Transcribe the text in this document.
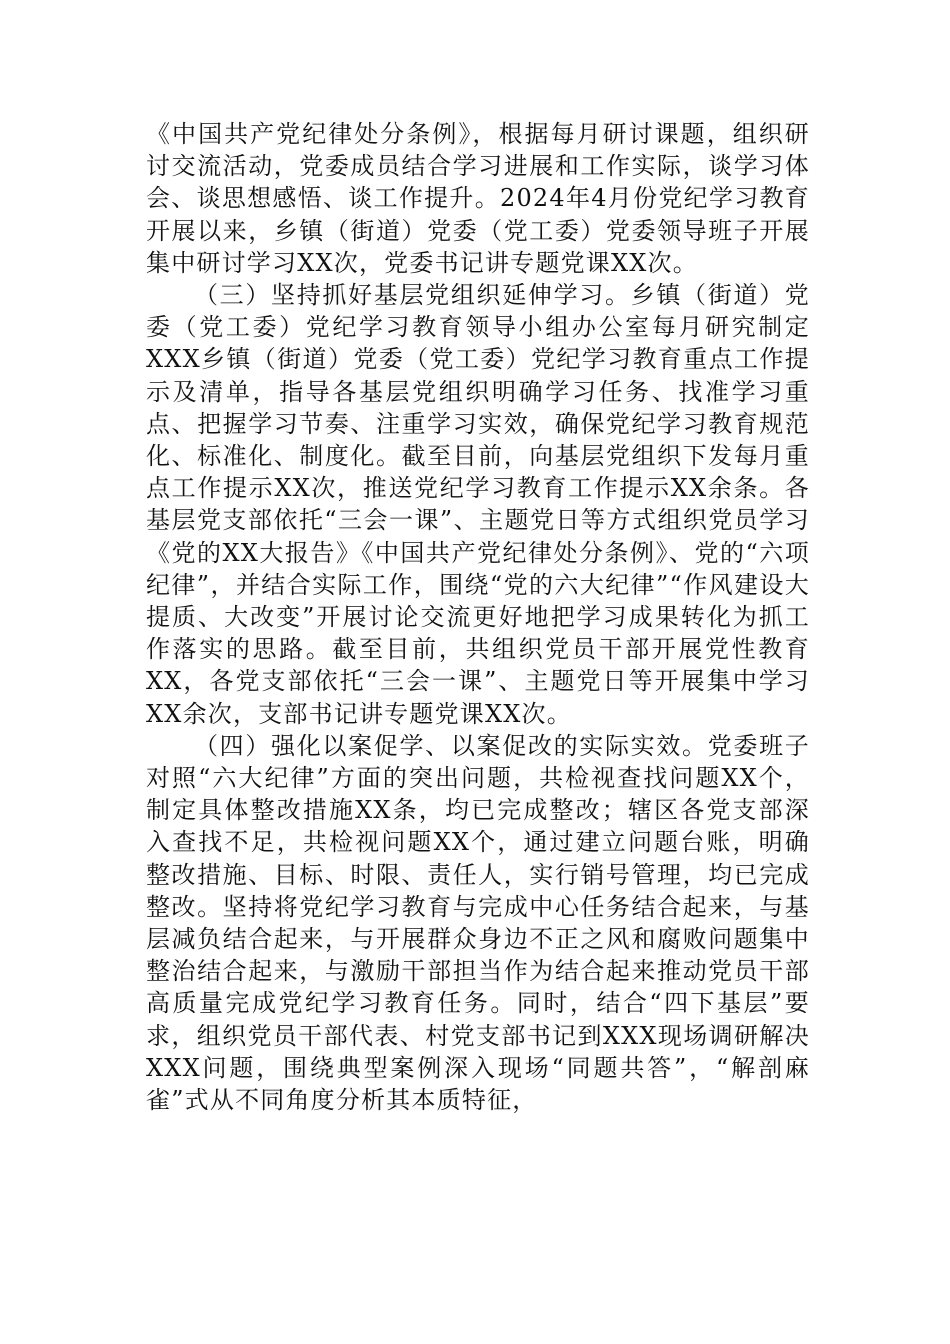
《中国共产党纪律处分条例》，根据每月研讨课题，组织研讨交流活动，党委成员结合学习进展和工作实际，谈学习体会、谈思想感悟、谈工作提升。2024年4月份党纪学习教育开展以来，乡镇（街道）党委（党工委）党委领导班子开展集中研讨学习XX次，党委书记讲专题党课XX次。

（三）坚持抓好基层党组织延伸学习。乡镇（街道）党委（党工委）党纪学习教育领导小组办公室每月研究制定XXX乡镇（街道）党委（党工委）党纪学习教育重点工作提示及清单，指导各基层党组织明确学习任务、找准学习重点、把握学习节奏、注重学习实效，确保党纪学习教育规范化、标准化、制度化。截至目前，向基层党组织下发每月重点工作提示XX次，推送党纪学习教育工作提示XX余条。各基层党支部依托“三会一课”、主题党日等方式组织党员学习《党的XX大报告》《中国共产党纪律处分条例》、党的“六项纪律”，并结合实际工作，围绕“党的六大纪律”“作风建设大提质、大改变”开展讨论交流更好地把学习成果转化为抓工作落实的思路。截至目前，共组织党员干部开展党性教育XX，各党支部依托“三会一课”、主题党日等开展集中学习XX余次，支部书记讲专题党课XX次。

（四）强化以案促学、以案促改的实际实效。党委班子对照“六大纪律”方面的突出问题，共检视查找问题XX个，制定具体整改措施XX条，均已完成整改；辖区各党支部深入查找不足，共检视问题XX个，通过建立问题台账，明确整改措施、目标、时限、责任人，实行销号管理，均已完成整改。坚持将党纪学习教育与完成中心任务结合起来，与基层减负结合起来，与开展群众身边不正之风和腐败问题集中整治结合起来，与激励干部担当作为结合起来推动党员干部高质量完成党纪学习教育任务。同时，结合“四下基层”要求，组织党员干部代表、村党支部书记到XXX现场调研解决XXX问题，围绕典型案例深入现场“同题共答”，“解剖麻雀”式从不同角度分析其本质特征，
